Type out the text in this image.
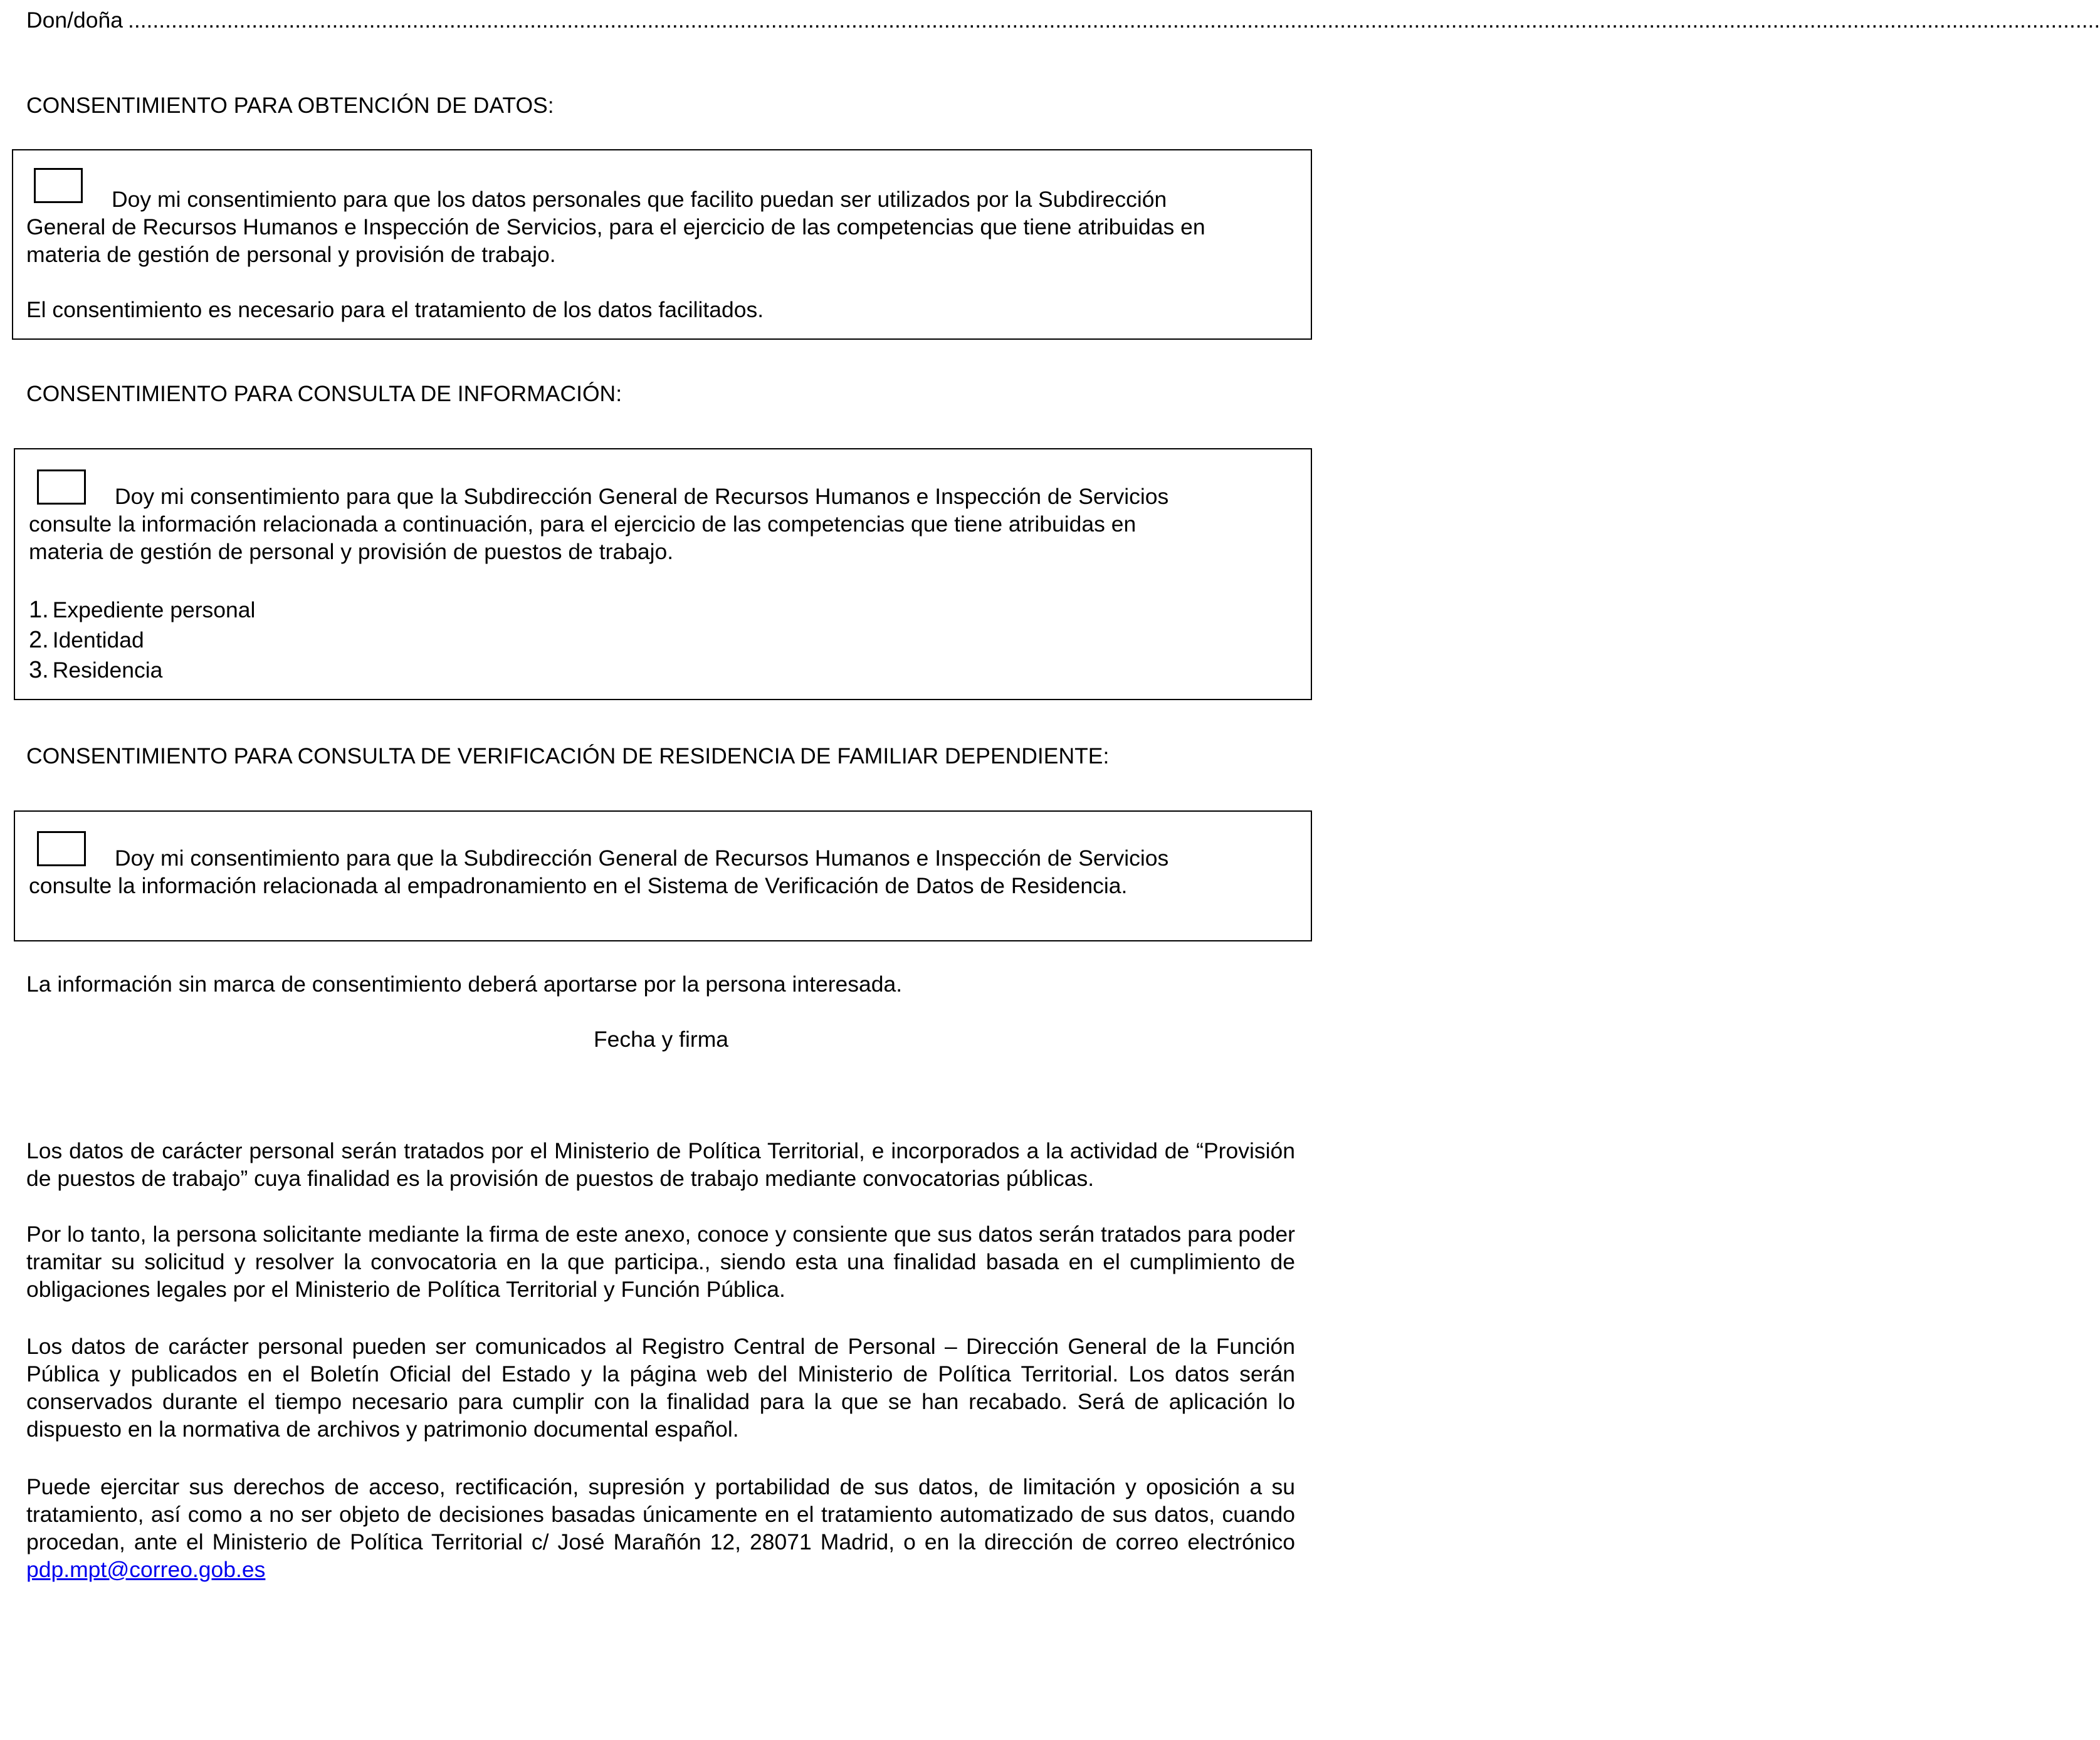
Don/doña ...............................................................................................................................................................................................................................................................................................................................
CONSENTIMIENTO PARA OBTENCIÓN DE DATOS:
Doy mi consentimiento para que los datos personales que facilito puedan ser utilizados por la Subdirección
General de Recursos Humanos e Inspección de Servicios, para el ejercicio de las competencias que tiene atribuidas en
materia de gestión de personal y provisión de trabajo.
El consentimiento es necesario para el tratamiento de los datos facilitados.
CONSENTIMIENTO PARA CONSULTA DE INFORMACIÓN:
Doy mi consentimiento para que la Subdirección General de Recursos Humanos e Inspección de Servicios
consulte la información relacionada a continuación, para el ejercicio de las competencias que tiene atribuidas en
materia de gestión de personal y provisión de puestos de trabajo.
1. Expediente personal
2. Identidad
3. Residencia
CONSENTIMIENTO PARA CONSULTA DE VERIFICACIÓN DE RESIDENCIA DE FAMILIAR DEPENDIENTE:
Doy mi consentimiento para que la Subdirección General de Recursos Humanos e Inspección de Servicios
consulte la información relacionada al empadronamiento en el Sistema de Verificación de Datos de Residencia.
La información sin marca de consentimiento deberá aportarse por la persona interesada.
Fecha y firma
Los datos de carácter personal serán tratados por el Ministerio de Política Territorial, e incorporados a la actividad de “Provisión de puestos de trabajo” cuya finalidad es la provisión de puestos de trabajo mediante convocatorias públicas.
Por lo tanto, la persona solicitante mediante la firma de este anexo, conoce y consiente que sus datos serán tratados para poder tramitar su solicitud y resolver la convocatoria en la que participa., siendo esta una finalidad basada en el cumplimiento de obligaciones legales por el Ministerio de Política Territorial y Función Pública.
Los datos de carácter personal pueden ser comunicados al Registro Central de Personal – Dirección General de la Función Pública y publicados en el Boletín Oficial del Estado y la página web del Ministerio de Política Territorial. Los datos serán conservados durante el tiempo necesario para cumplir con la finalidad para la que se han recabado. Será de aplicación lo dispuesto en la normativa de archivos y patrimonio documental español.
Puede ejercitar sus derechos de acceso, rectificación, supresión y portabilidad de sus datos, de limitación y oposición a su tratamiento, así como a no ser objeto de decisiones basadas únicamente en el tratamiento automatizado de sus datos, cuando procedan, ante el Ministerio de Política Territorial c/ José Marañón 12, 28071 Madrid, o en la dirección de correo electrónico pdp.mpt@correo.gob.es
